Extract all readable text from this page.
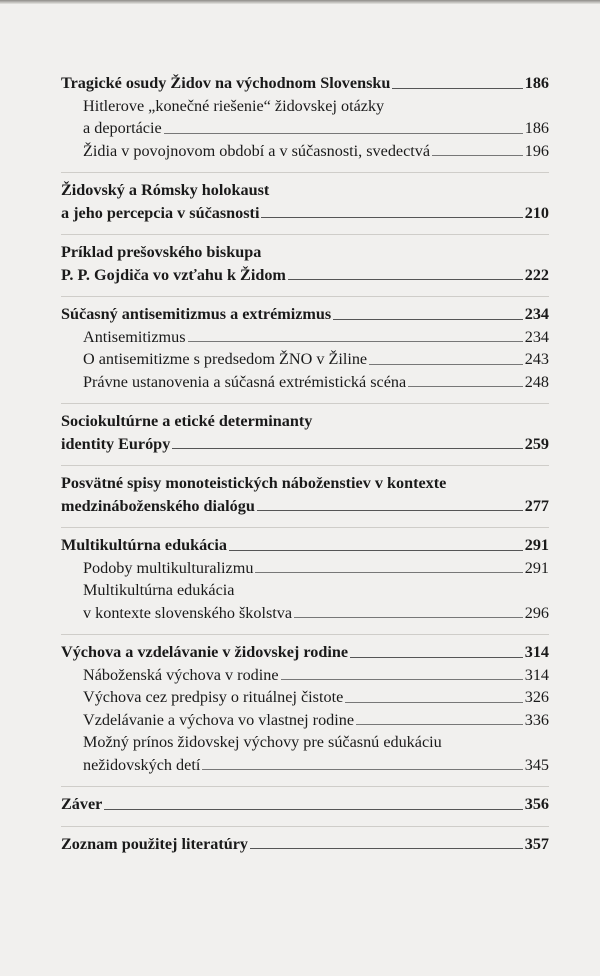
Tragické osudy Židov na východnom Slovensku	186
Hitlerove „konečné riešenie“ židovskej otázky
a deportácie	186
Židia v povojnovom období a v súčasnosti, svedectvá	196
Židovský a Rómsky holokaust
a jeho percepcia v súčasnosti	210
Príklad prešovského biskupa
P. P. Gojdiča vo vzťahu k Židom	222
Súčasný antisemitizmus a extrémizmus	234
Antisemitizmus	234
O antisemitizme s predsedom ŽNO v Žiline	243
Právne ustanovenia a súčasná extrémistická scéna	248
Sociokultúrne a etické determinanty
identity Európy	259
Posvätné spisy monoteistických náboženstiev v kontexte
medzináboženského dialógu	277
Multikultúrna edukácia	291
Podoby multikulturalizmu	291
Multikultúrna edukácia
v kontexte slovenského školstva	296
Výchova a vzdelávanie v židovskej rodine	314
Náboženská výchova v rodine	314
Výchova cez predpisy o rituálnej čistote	326
Vzdelávanie a výchova vo vlastnej rodine	336
Možný prínos židovskej výchovy pre súčasnú edukáciu
nežidovských detí	345
Záver	356
Zoznam použitej literatúry	357
